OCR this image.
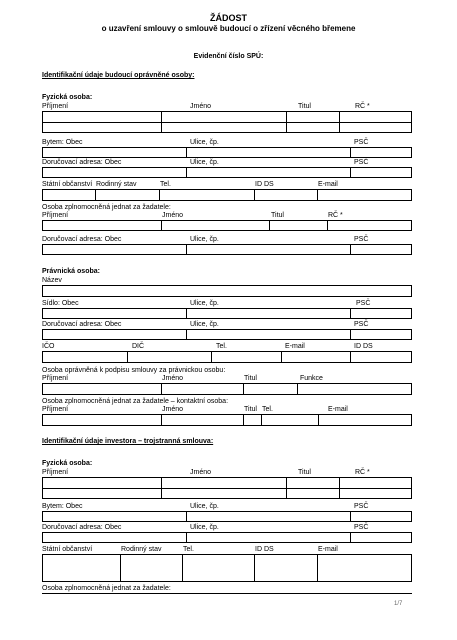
ŽÁDOST
o uzavření smlouvy o smlouvě budoucí o zřízení věcného břemene
Evidenční číslo SPÚ:
Identifikační údaje budoucí oprávněné osoby:
Fyzická osoba:
Příjmení	Jméno	Titul	RČ *
Bytem: Obec	Ulice, čp.	PSČ
Doručovací adresa: Obec	Ulice, čp.	PSČ
Státní občanství Rodinný stav	Tel.	ID DS	E-mail
Osoba zplnomocněná jednat za žadatele:
Příjmení	Jméno	Titul	RČ *
Doručovací adresa: Obec	Ulice, čp.	PSČ
Právnická osoba:
Název
Sídlo: Obec	Ulice, čp.	PSČ
Doručovací adresa: Obec	Ulice, čp.	PSČ
IČO	DIČ	Tel.	E-mail	ID DS
Osoba oprávněná k podpisu smlouvy za právnickou osobu:
Příjmení	Jméno	Titul	Funkce
Osoba zplnomocněná jednat za žadatele – kontaktní osoba:
Příjmení	Jméno	Titul Tel.	E-mail
Identifikační údaje investora – trojstranná smlouva:
Fyzická osoba:
Příjmení	Jméno	Titul	RČ *
Bytem: Obec	Ulice, čp.	PSČ
Doručovací adresa: Obec	Ulice, čp.	PSČ
Státní občanství	Rodinný stav	Tel.	ID DS	E-mail
Osoba zplnomocněná jednat za žadatele:
1/7
